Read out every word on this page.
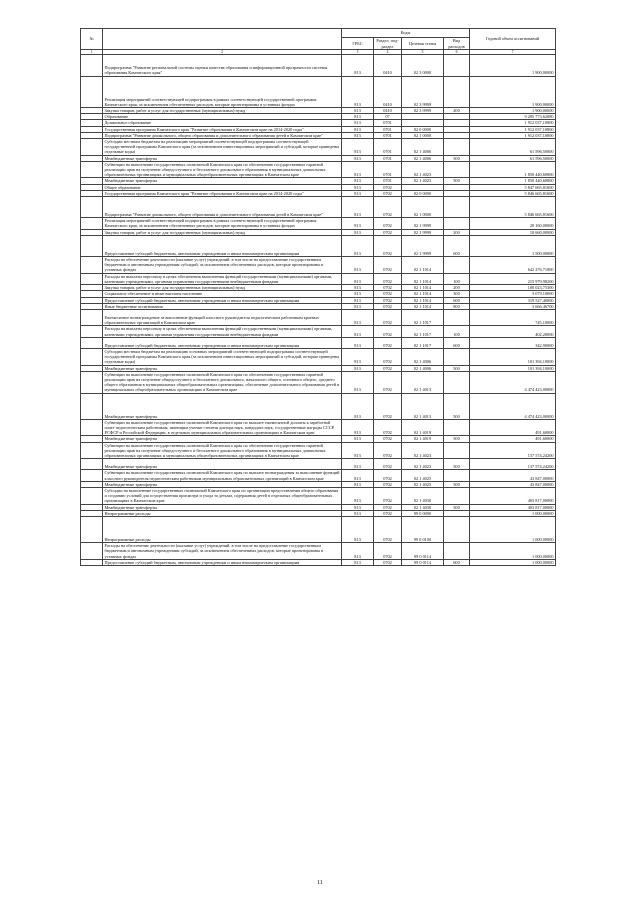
№		Коды				Годовой объем ассигнований
		ГРБС	Раздел, под-раздел	Целевая статья	Вид расходов	
1	2	3	4	5	6	7
	Подпрограмма "Развитие региональной системы оценки качества образования и информационной прозрачности системы образования Камчатского края"	813	0410	02 3 0000		1 900,00000
	Реализация мероприятий соответствующей подпрограммы в рамках соответствующей государственной программы Камчатского края, за исключением обеспеченных расходов, которые проектированы в уставных фондах	813	0410	02 3 9999		1 900,00000
	Закупка товаров, работ и услуг для государственных (муниципальных) нужд	813	0410	02 3 9999	200	1 900,00000
	Образование	813	07			9 285 773,62080
	Дошкольное образование	813	0701			1 912 037,10800
	Государственная программа Камчатского края "Развитие образования в Камчатском крае на 2014-2020 годы"	813	0701	02 0 0000		1 912 037,10800
	Подпрограмма "Развитие дошкольного, общего образования и дополнительного образования детей в Камчатском крае"	813	0701	02 1 0000		1 912 037,10800
	Субсидии местным бюджетам на реализацию мероприятий соответствующей подпрограммы соответствующей государственной программы Камчатского края (за исключением инвестиционных мероприятий и субсидий, которые приведены отдельные коды)	813	0701	02 1 4006		61 596,50000
	Межбюджетные трансферты	813	0701	02 1 4006	500	61 596,50000
	Субвенции на выполнение государственных полномочий Камчатского края по обеспечению государственных гарантий реализации прав на получение общедоступного и бесплатного дошкольного образования в муниципальных дошкольных образовательных организациях и муниципальных общеобразовательных организациях в Камчатском крае	813	0701	02 1 4023		1 850 440,60800
	Межбюджетные трансферты	813	0701	02 1 4023	500	1 850 440,60800
	Общее образование	813	0702			5 847 665,81600
	Государственная программа Камчатского края "Развитие образования в Камчатском крае на 2014-2020 годы"	813	0702	02 0 0000		5 846 665,81600
	Подпрограмма "Развитие дошкольного, общего образования и дополнительного образования детей в Камчатском крае"	813	0702	02 1 0000		5 846 665,81600
	Реализация мероприятий соответствующей подпрограммы в рамках соответствующей государственной программы Камчатского края, за исключением обеспеченных расходов, которые проектированы в уставных фондах	813	0702	02 1 9999		20 160,00000
	Закупка товаров, работ и услуг для государственных (муниципальных) нужд	813	0702	02 1 9999	200	18 660,00000
	Предоставление субсидий бюджетным, автономным учреждениям и иным некоммерческим организациям	813	0702	02 1 9999	600	1 500,00000
	Расходы на обеспечение деятельности (оказание услуг) учреждений, в том числе на предоставление государственным бюджетным и автономным учреждениям субсидий, за исключением обеспеченных расходов, которые проектированы в уставных фондах	813	0702	02 1 1014		642 276,71800
	Расходы на выплаты персоналу в целях обеспечения выполнения функций государственными (муниципальными) органами, казенными учреждениями, органами управления государственными внебюджетными фондами	813	0702	02 1 1014	100	215 979,98200
	Закупка товаров, работ и услуг для государственных (муниципальных) нужд	813	0702	02 1 1014	200	100 023,75300
	Социальное обеспечение и иные выплаты населению	813	0702	02 1 1014	300	3 079,10000
	Предоставление субсидий бюджетным, автономным учреждениям и иным некоммерческим организациям	813	0702	02 1 1014	600	319 527,40000
	Иные бюджетные ассигнования	813	0702	02 1 1014	800	3 666,46700
	Ежемесячное вознаграждение за выполнение функций классного руководителя педагогическим работникам краевых образовательных организаций в Камчатском крае	813	0702	02 1 1017		745,10000
	Расходы на выплаты персоналу в целях обеспечения выполнения функций государственными (муниципальными) органами, казенными учреждениями, органами управления государственными внебюджетными фондами	813	0702	02 1 1017	100	402,20000
	Предоставление субсидий бюджетным, автономным учреждениям и иным некоммерческим организациям	813	0702	02 1 1017	600	342,90000
	Субсидии местным бюджетам на реализацию основных мероприятий соответствующей подпрограммы соответствующей государственной программы Камчатского края (за исключением инвестиционных мероприятий и субсидий, которые приведены отдельные коды)	813	0702	02 1 4006		101 394,10000
	Межбюджетные трансферты	813	0702	02 1 4006	500	101 394,10000
	Субвенции на выполнение государственных полномочий Камчатского края по обеспечению государственных гарантий реализации прав на получение общедоступного и бесплатного дошкольного, начального общего, основного общего, среднего общего образования в муниципальных общеобразовательных организациях, обеспечение дополнительного образования детей в муниципальных общеобразовательных организациях в Камчатском крае	813	0702	02 1 4013		4 474 423,00000
	Межбюджетные трансферты	813	0702	02 1 4013	500	4 474 423,00000
	Субвенции на выполнение государственных полномочий Камчатского края по выплате ежемесячной доплаты к заработной плате педагогическим работникам, имеющим ученые степени доктора наук, кандидата наук, государственные награды СССР, РСФСР и Российской Федерации, в отдельных муниципальных образовательных организациях в Камчатском крае	813	0702	02 1 4019		491,60000
	Межбюджетные трансферты	813	0702	02 1 4019	500	491,60000
	Субвенции на выполнение государственных полномочий Камчатского края по обеспечению государственных гарантий реализации прав на получение общедоступного и бесплатного дошкольного образования в муниципальных дошкольных образовательных организациях и муниципальных общеобразовательных организациях в Камчатском крае	813	0702	02 1 4023		137 574,24200
	Межбюджетные трансферты	813	0702	02 1 4023	500	137 574,24200
	Субвенции на выполнение государственных полномочий Камчатского края по выплате вознаграждения за выполнение функций классного руководителя педагогическим работникам муниципальных образовательных организаций в Камчатском крае	813	0702	02 1 4025		43 847,00000
	Межбюджетные трансферты	813	0702	02 1 4025	500	43 847,00000
	Субсидии на выполнение государственных полномочий Камчатского края по организации предоставления общего образования и созданию условий для осуществления присмотра и ухода за детьми, содержания детей в отдельных общеобразовательных организациях в Камчатском крае	813	0702	02 1 4030		403 817,00000
	Межбюджетные трансферты	813	0702	02 1 4030	500	403 817,00000
	Непрограммные расходы	813	0702	99 0 0000		1 000,00000
	Непрограммные расходы	813	0702	99 0 0100		1 000,00000
	Расходы на обеспечение деятельности (оказание услуг) учреждений, в том числе на предоставление государственным бюджетным и автономным учреждениям субсидий, за исключением обеспеченных расходов, которые проектированы в уставных фондах	813	0702	99 0 0114		1 000,00000
	Предоставление субсидий бюджетным, автономным учреждениям и иным некоммерческим организациям	813	0702	99 0 0114	600	1 000,00000
11
